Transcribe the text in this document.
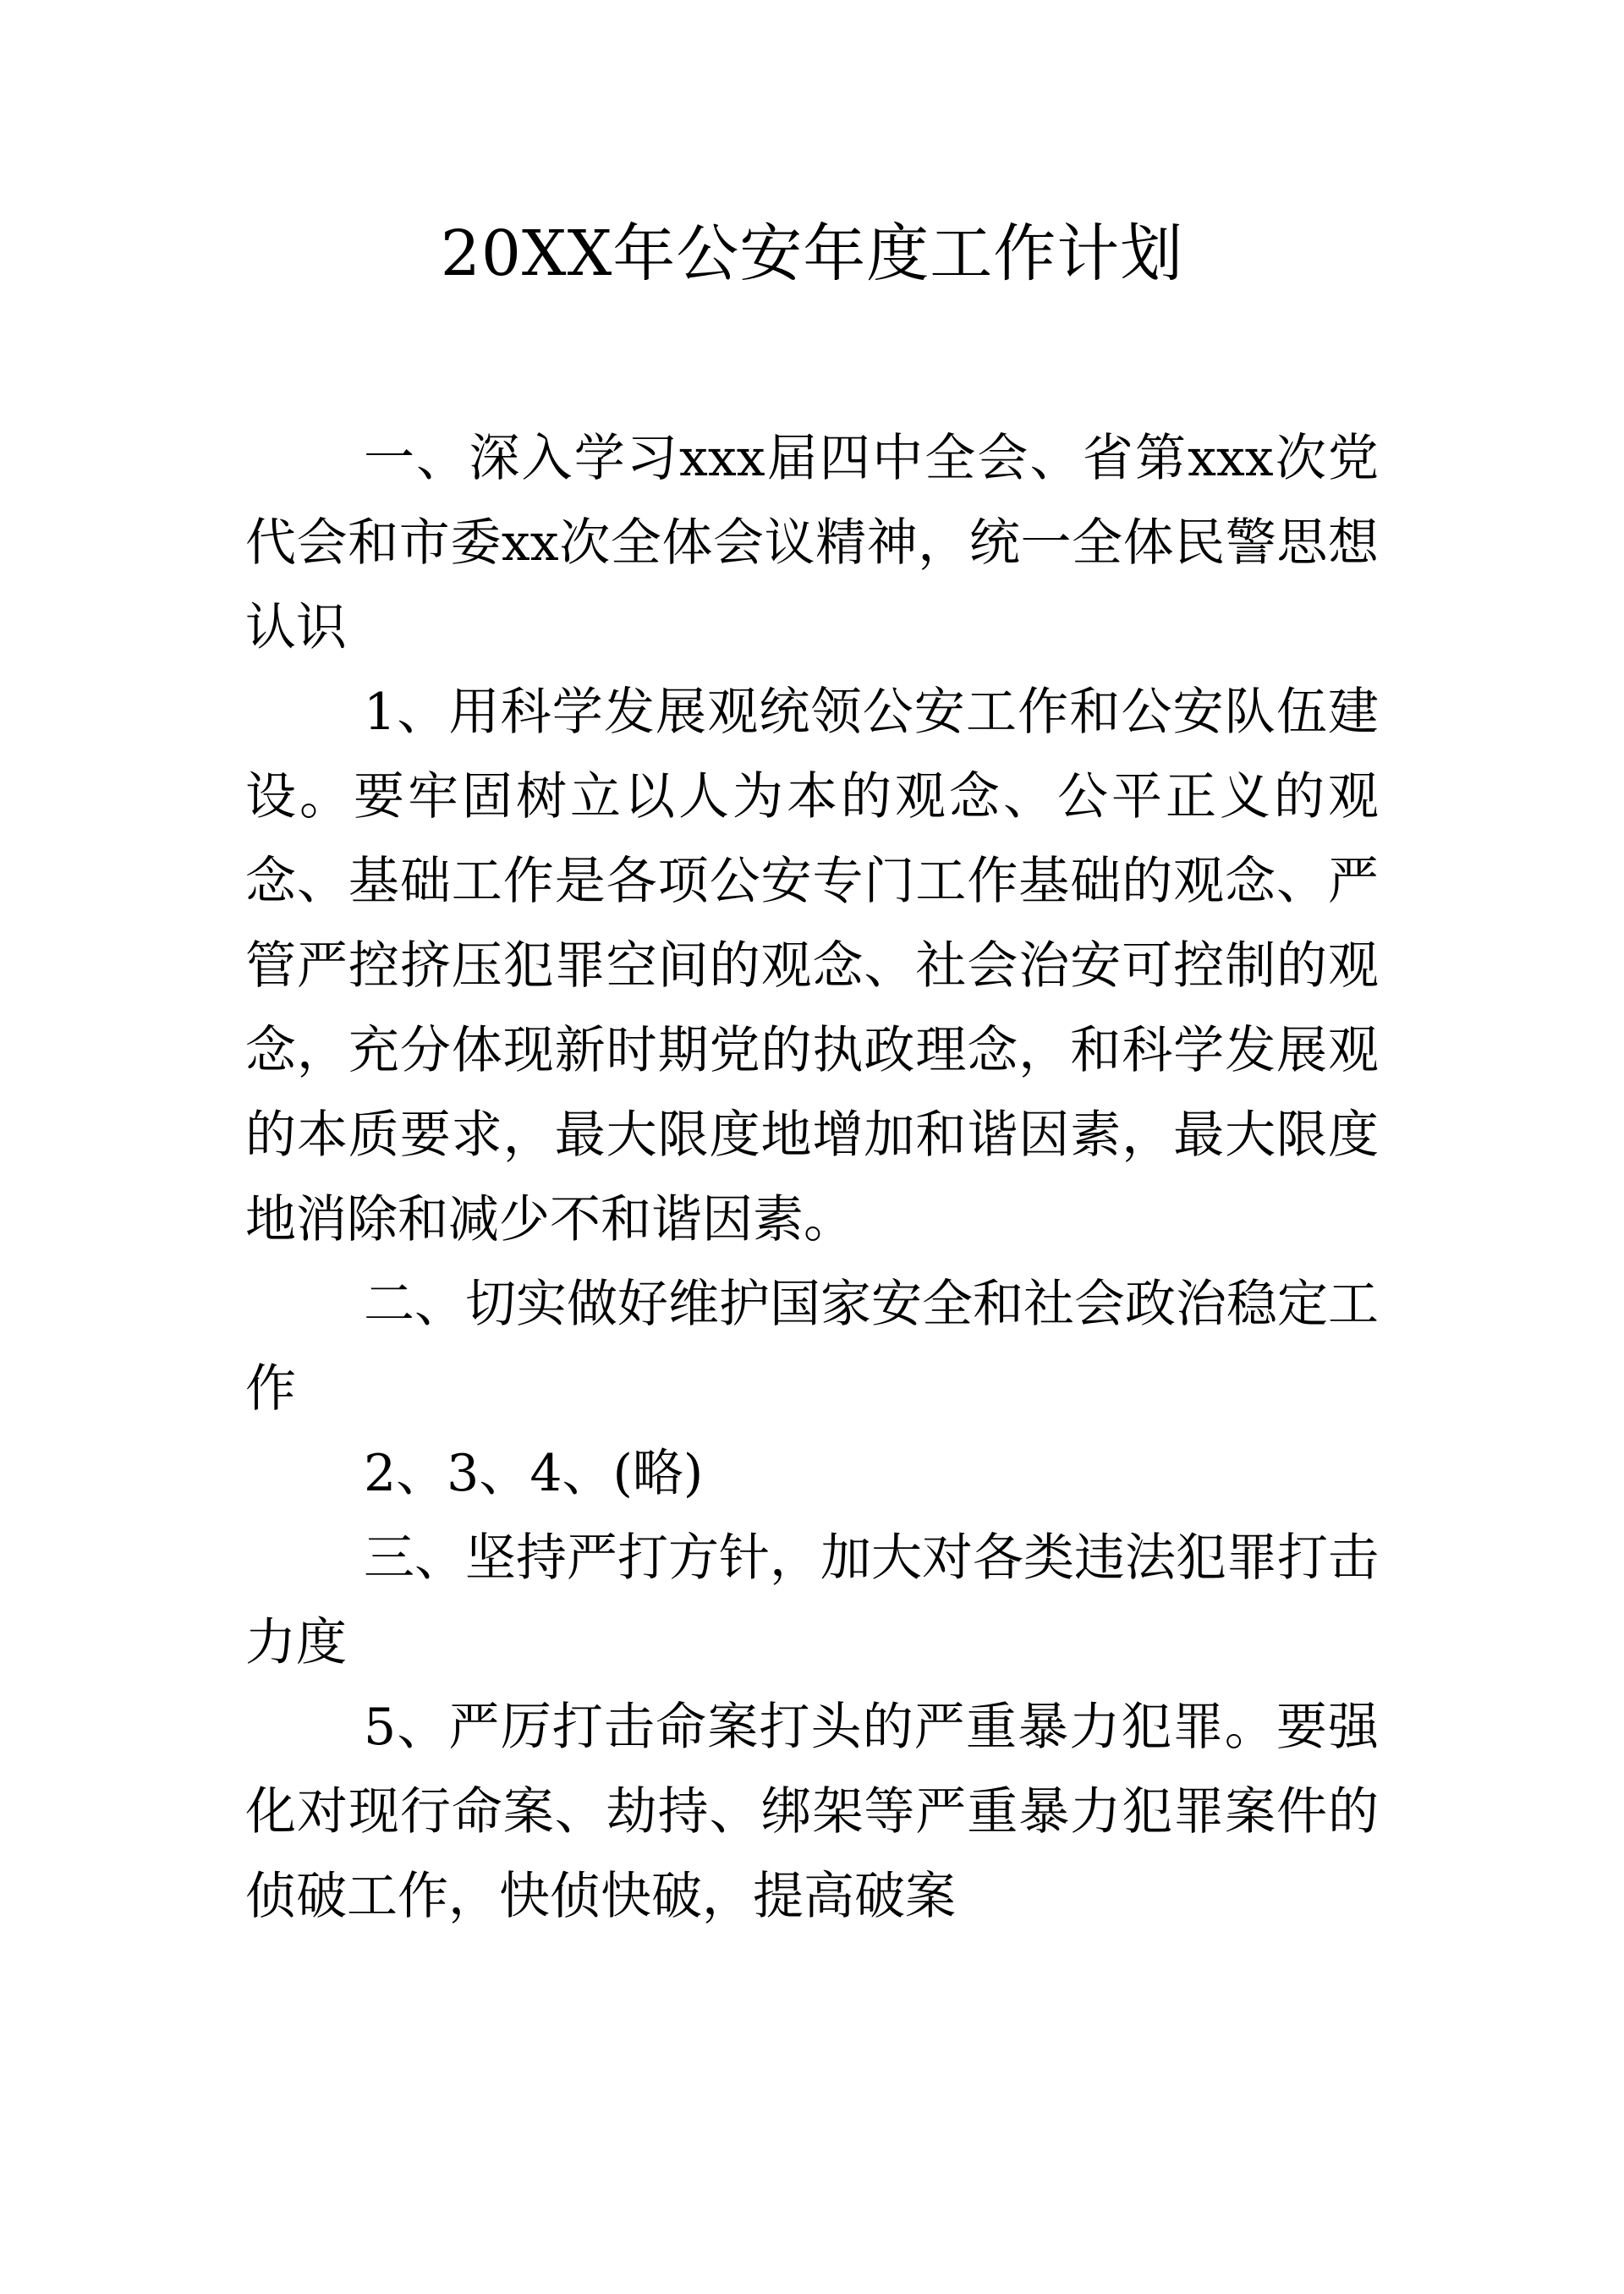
20XX年公安年度工作计划

一、深入学习xxx届四中全会、省第xxx次党代会和市委xx次全体会议精神，统一全体民警思想认识

1、用科学发展观统领公安工作和公安队伍建设。要牢固树立以人为本的观念、公平正义的观念、基础工作是各项公安专门工作基础的观念、严管严控挤压犯罪空间的观念、社会治安可控制的观念，充分体现新时期党的执政理念，和科学发展观的本质要求，最大限度地增加和谐因素，最大限度地消除和减少不和谐因素。

二、切实做好维护国家安全和社会政治稳定工作

2、3、4、(略)

三、坚持严打方针，加大对各类违法犯罪打击力度

5、严厉打击命案打头的严重暴力犯罪。要强化对现行命案、劫持、绑架等严重暴力犯罪案件的侦破工作，快侦快破，提高破案
